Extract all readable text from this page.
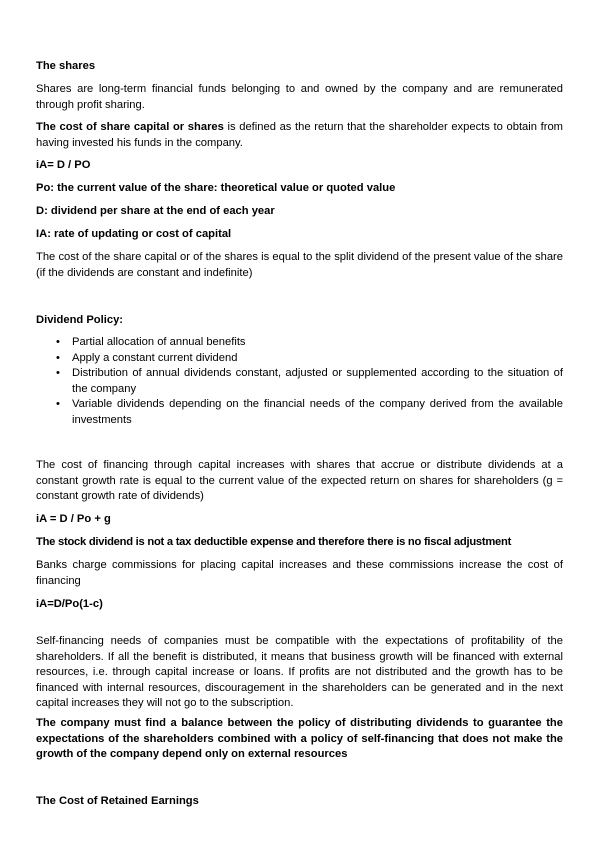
The shares

Shares are long-term financial funds belonging to and owned by the company and are remunerated through profit sharing.

The cost of share capital or shares is defined as the return that the shareholder expects to obtain from having invested his funds in the company.

iA= D / PO

Po: the current value of the share: theoretical value or quoted value

D: dividend per share at the end of each year

IA: rate of updating or cost of capital

The cost of the share capital or of the shares is equal to the split dividend of the present value of the share (if the dividends are constant and indefinite)

Dividend Policy:

• Partial allocation of annual benefits
• Apply a constant current dividend
• Distribution of annual dividends constant, adjusted or supplemented according to the situation of the company
• Variable dividends depending on the financial needs of the company derived from the available investments

The cost of financing through capital increases with shares that accrue or distribute dividends at a constant growth rate is equal to the current value of the expected return on shares for shareholders (g = constant growth rate of dividends)

iA = D / Po + g

The stock dividend is not a tax deductible expense and therefore there is no fiscal adjustment

Banks charge commissions for placing capital increases and these commissions increase the cost of financing

iA=D/Po(1-c)

Self-financing needs of companies must be compatible with the expectations of profitability of the shareholders. If all the benefit is distributed, it means that business growth will be financed with external resources, i.e. through capital increase or loans. If profits are not distributed and the growth has to be financed with internal resources, discouragement in the shareholders can be generated and in the next capital increases they will not go to the subscription.

The company must find a balance between the policy of distributing dividends to guarantee the expectations of the shareholders combined with a policy of self-financing that does not make the growth of the company depend only on external resources

The Cost of Retained Earnings
